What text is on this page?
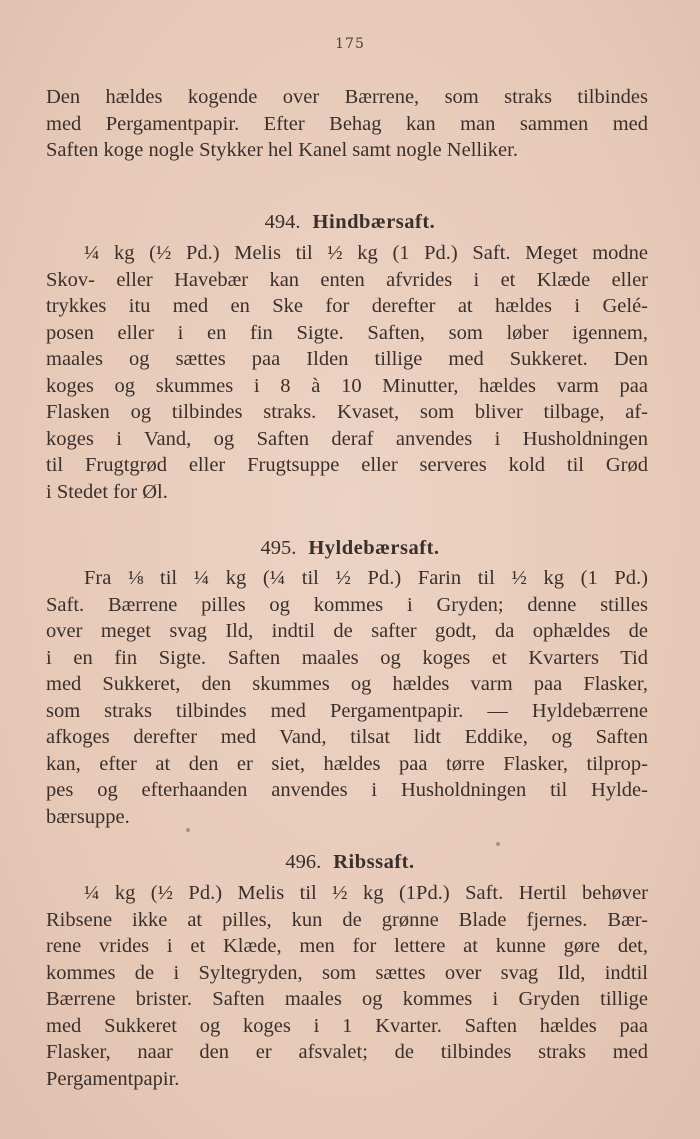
175
Den hældes kogende over Bærrene, som straks tilbindes
med Pergamentpapir. Efter Behag kan man sammen med
Saften koge nogle Stykker hel Kanel samt nogle Nelliker.
494. Hindbærsaft.
¼ kg (½ Pd.) Melis til ½ kg (1 Pd.) Saft. Meget modne
Skov- eller Havebær kan enten afvrides i et Klæde eller
trykkes itu med en Ske for derefter at hældes i Gelé-
posen eller i en fin Sigte. Saften, som løber igennem,
maales og sættes paa Ilden tillige med Sukkeret. Den
koges og skummes i 8 à 10 Minutter, hældes varm paa
Flasken og tilbindes straks. Kvaset, som bliver tilbage, af-
koges i Vand, og Saften deraf anvendes i Husholdningen
til Frugtgrød eller Frugtsuppe eller serveres kold til Grød
i Stedet for Øl.
495. Hyldebærsaft.
Fra ⅛ til ¼ kg (¼ til ½ Pd.) Farin til ½ kg (1 Pd.)
Saft. Bærrene pilles og kommes i Gryden; denne stilles
over meget svag Ild, indtil de safter godt, da ophældes de
i en fin Sigte. Saften maales og koges et Kvarters Tid
med Sukkeret, den skummes og hældes varm paa Flasker,
som straks tilbindes med Pergamentpapir. — Hyldebærrene
afkoges derefter med Vand, tilsat lidt Eddike, og Saften
kan, efter at den er siet, hældes paa tørre Flasker, tilprop-
pes og efterhaanden anvendes i Husholdningen til Hylde-
bærsuppe.
496. Ribssaft.
¼ kg (½ Pd.) Melis til ½ kg (1Pd.) Saft. Hertil behøver
Ribsene ikke at pilles, kun de grønne Blade fjernes. Bær-
rene vrides i et Klæde, men for lettere at kunne gøre det,
kommes de i Syltegryden, som sættes over svag Ild, indtil
Bærrene brister. Saften maales og kommes i Gryden tillige
med Sukkeret og koges i 1 Kvarter. Saften hældes paa
Flasker, naar den er afsvalet; de tilbindes straks med
Pergamentpapir.
